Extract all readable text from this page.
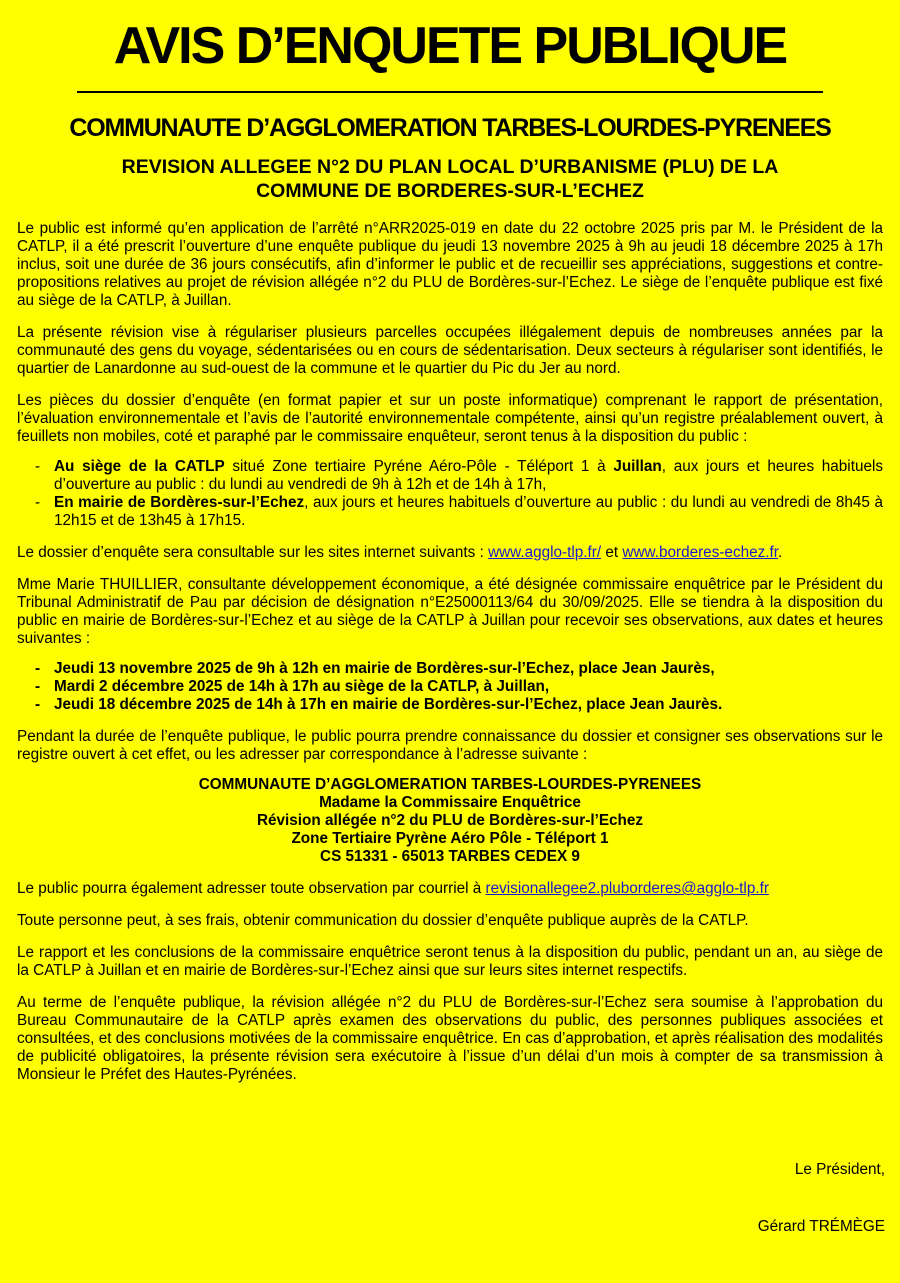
AVIS D’ENQUETE PUBLIQUE
COMMUNAUTE D’AGGLOMERATION TARBES-LOURDES-PYRENEES
REVISION ALLEGEE N°2 DU PLAN LOCAL D’URBANISME (PLU) DE LA
COMMUNE DE BORDERES-SUR-L’ECHEZ

Le public est informé qu’en application de l’arrêté n°ARR2025-019 en date du 22 octobre 2025 pris par M. le Président de la CATLP, il a été prescrit l’ouverture d’une enquête publique du jeudi 13 novembre 2025 à 9h au jeudi 18 décembre 2025 à 17h inclus, soit une durée de 36 jours consécutifs, afin d’informer le public et de recueillir ses appréciations, suggestions et contre-propositions relatives au projet de révision allégée n°2 du PLU de Bordères-sur-l’Echez. Le siège de l’enquête publique est fixé au siège de la CATLP, à Juillan.

La présente révision vise à régulariser plusieurs parcelles occupées illégalement depuis de nombreuses années par la communauté des gens du voyage, sédentarisées ou en cours de sédentarisation. Deux secteurs à régulariser sont identifiés, le quartier de Lanardonne au sud-ouest de la commune et le quartier du Pic du Jer au nord.

Les pièces du dossier d’enquête (en format papier et sur un poste informatique) comprenant le rapport de présentation, l’évaluation environnementale et l’avis de l’autorité environnementale compétente, ainsi qu’un registre préalablement ouvert, à feuillets non mobiles, coté et paraphé par le commissaire enquêteur, seront tenus à la disposition du public :

- Au siège de la CATLP situé Zone tertiaire Pyréne Aéro-Pôle - Téléport 1 à Juillan, aux jours et heures habituels d’ouverture au public : du lundi au vendredi de 9h à 12h et de 14h à 17h,
- En mairie de Bordères-sur-l’Echez, aux jours et heures habituels d’ouverture au public : du lundi au vendredi de 8h45 à 12h15 et de 13h45 à 17h15.

Le dossier d’enquête sera consultable sur les sites internet suivants : www.agglo-tlp.fr/ et www.borderes-echez.fr.

Mme Marie THUILLIER, consultante développement économique, a été désignée commissaire enquêtrice par le Président du Tribunal Administratif de Pau par décision de désignation n°E25000113/64 du 30/09/2025. Elle se tiendra à la disposition du public en mairie de Bordères-sur-l’Echez et au siège de la CATLP à Juillan pour recevoir ses observations, aux dates et heures suivantes :

- Jeudi 13 novembre 2025 de 9h à 12h en mairie de Bordères-sur-l’Echez, place Jean Jaurès,
- Mardi 2 décembre 2025 de 14h à 17h au siège de la CATLP, à Juillan,
- Jeudi 18 décembre 2025 de 14h à 17h en mairie de Bordères-sur-l’Echez, place Jean Jaurès.

Pendant la durée de l’enquête publique, le public pourra prendre connaissance du dossier et consigner ses observations sur le registre ouvert à cet effet, ou les adresser par correspondance à l’adresse suivante :

COMMUNAUTE D’AGGLOMERATION TARBES-LOURDES-PYRENEES
Madame la Commissaire Enquêtrice
Révision allégée n°2 du PLU de Bordères-sur-l’Echez
Zone Tertiaire Pyrène Aéro Pôle - Téléport 1
CS 51331 - 65013 TARBES CEDEX 9

Le public pourra également adresser toute observation par courriel à revisionallegee2.pluborderes@agglo-tlp.fr

Toute personne peut, à ses frais, obtenir communication du dossier d’enquête publique auprès de la CATLP.

Le rapport et les conclusions de la commissaire enquêtrice seront tenus à la disposition du public, pendant un an, au siège de la CATLP à Juillan et en mairie de Bordères-sur-l’Echez ainsi que sur leurs sites internet respectifs.

Au terme de l’enquête publique, la révision allégée n°2 du PLU de Bordères-sur-l’Echez sera soumise à l’approbation du Bureau Communautaire de la CATLP après examen des observations du public, des personnes publiques associées et consultées, et des conclusions motivées de la commissaire enquêtrice. En cas d’approbation, et après réalisation des modalités de publicité obligatoires, la présente révision sera exécutoire à l’issue d’un délai d’un mois à compter de sa transmission à Monsieur le Préfet des Hautes-Pyrénées.

Le Président,
Gérard TRÉMÈGE
